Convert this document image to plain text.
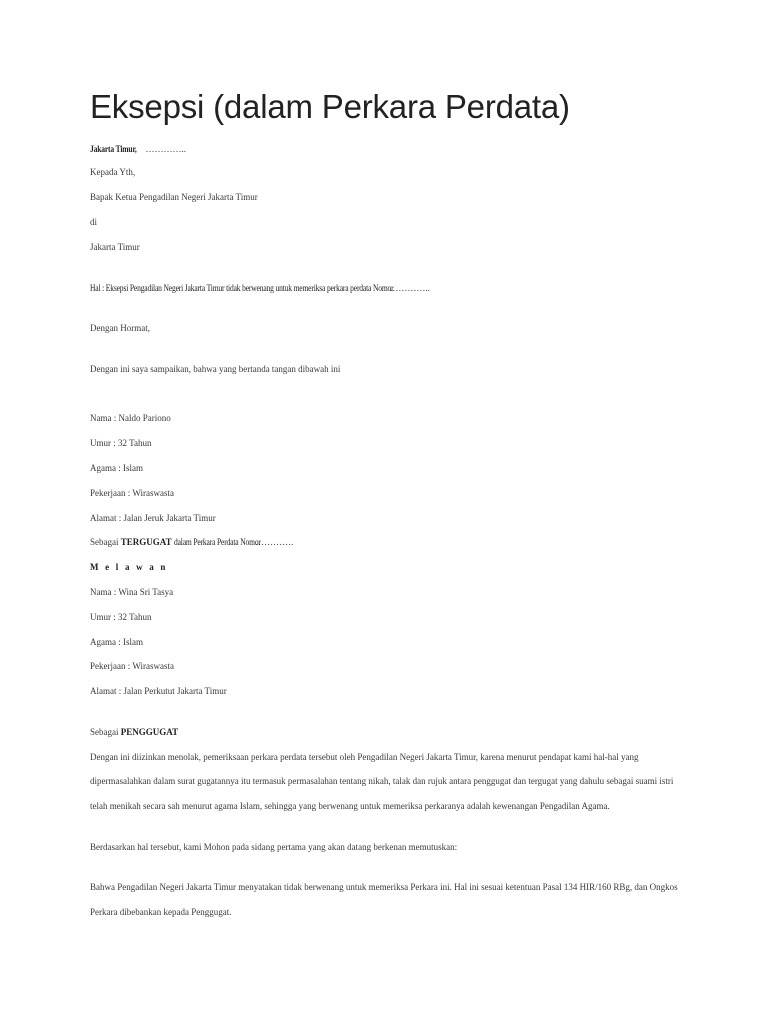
Eksepsi (dalam Perkara Perdata)
Jakarta Timur, …………..
Kepada Yth,
Bapak Ketua Pengadilan Negeri Jakarta Timur
di
Jakarta Timur
Hal : Eksepsi Pengadilan Negeri Jakarta Timur tidak berwenang untuk memeriksa perkara perdata Nomor…………..
Dengan Hormat,
Dengan ini saya sampaikan, bahwa yang bertanda tangan dibawah ini
Nama : Naldo Pariono
Umur : 32 Tahun
Agama : Islam
Pekerjaan : Wiraswasta
Alamat : Jalan Jeruk Jakarta Timur
Sebagai TERGUGAT dalam Perkara Perdata Nomor………….
M e l a w a n
Nama : Wina Sri Tasya
Umur : 32 Tahun
Agama : Islam
Pekerjaan : Wiraswasta
Alamat : Jalan Perkutut Jakarta Timur
Sebagai PENGGUGAT
Dengan ini diizinkan menolak, pemeriksaan perkara perdata tersebut oleh Pengadilan Negeri Jakarta Timur, karena menurut pendapat kami hal-hal yang
dipermasalahkan dalam surat gugatannya itu termasuk permasalahan tentang nikah, talak dan rujuk antara penggugat dan tergugat yang dahulu sebagai suami istri
telah menikah secara sah menurut agama Islam, sehingga yang berwenang untuk memeriksa perkaranya adalah kewenangan Pengadilan Agama.
Berdasarkan hal tersebut, kami Mohon pada sidang pertama yang akan datang berkenan memutuskan:
Bahwa Pengadilan Negeri Jakarta Timur menyatakan tidak berwenang untuk memeriksa Perkara ini. Hal ini sesuai ketentuan Pasal 134 HIR/160 RBg, dan Ongkos
Perkara dibebankan kepada Penggugat.
